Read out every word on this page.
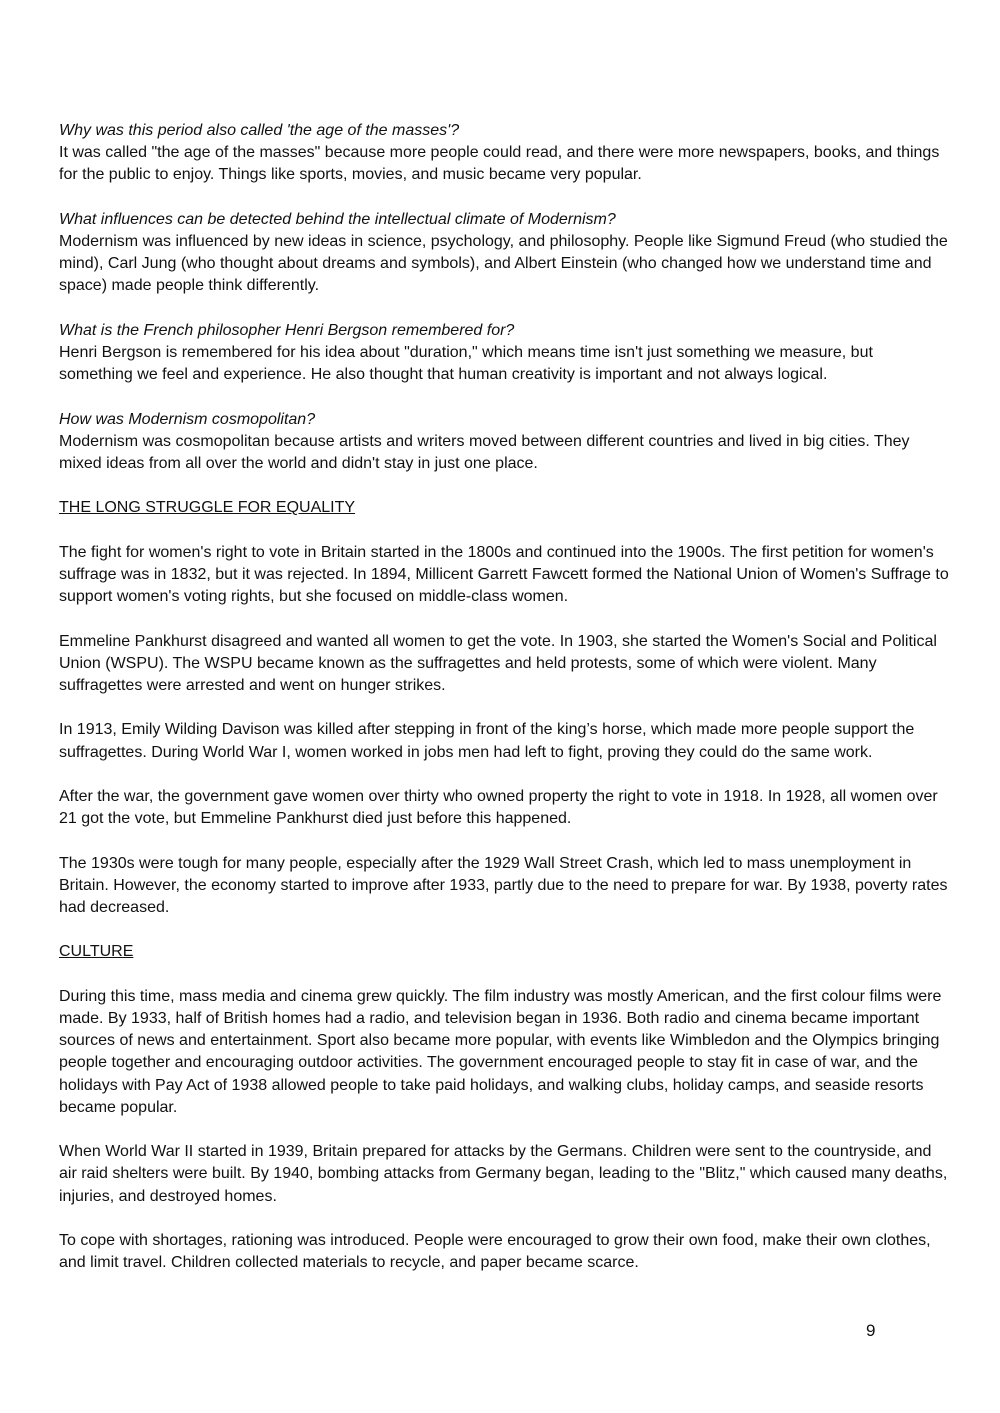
Why was this period also called 'the age of the masses'?
It was called "the age of the masses" because more people could read, and there were more newspapers, books, and things for the public to enjoy. Things like sports, movies, and music became very popular.
What influences can be detected behind the intellectual climate of Modernism?
Modernism was influenced by new ideas in science, psychology, and philosophy. People like Sigmund Freud (who studied the mind), Carl Jung (who thought about dreams and symbols), and Albert Einstein (who changed how we understand time and space) made people think differently.
What is the French philosopher Henri Bergson remembered for?
Henri Bergson is remembered for his idea about "duration," which means time isn't just something we measure, but something we feel and experience. He also thought that human creativity is important and not always logical.
How was Modernism cosmopolitan?
Modernism was cosmopolitan because artists and writers moved between different countries and lived in big cities. They mixed ideas from all over the world and didn't stay in just one place.
THE LONG STRUGGLE FOR EQUALITY

The fight for women's right to vote in Britain started in the 1800s and continued into the 1900s. The first petition for women's suffrage was in 1832, but it was rejected. In 1894, Millicent Garrett Fawcett formed the National Union of Women's Suffrage to support women's voting rights, but she focused on middle-class women.

Emmeline Pankhurst disagreed and wanted all women to get the vote. In 1903, she started the Women's Social and Political Union (WSPU). The WSPU became known as the suffragettes and held protests, some of which were violent. Many suffragettes were arrested and went on hunger strikes.

In 1913, Emily Wilding Davison was killed after stepping in front of the king’s horse, which made more people support the suffragettes. During World War I, women worked in jobs men had left to fight, proving they could do the same work.

After the war, the government gave women over thirty who owned property the right to vote in 1918. In 1928, all women over 21 got the vote, but Emmeline Pankhurst died just before this happened.

The 1930s were tough for many people, especially after the 1929 Wall Street Crash, which led to mass unemployment in Britain. However, the economy started to improve after 1933, partly due to the need to prepare for war. By 1938, poverty rates had decreased.

CULTURE

During this time, mass media and cinema grew quickly. The film industry was mostly American, and the first colour films were made. By 1933, half of British homes had a radio, and television began in 1936. Both radio and cinema became important sources of news and entertainment. Sport also became more popular, with events like Wimbledon and the Olympics bringing people together and encouraging outdoor activities. The government encouraged people to stay fit in case of war, and the holidays with Pay Act of 1938 allowed people to take paid holidays, and walking clubs, holiday camps, and seaside resorts became popular.

When World War II started in 1939, Britain prepared for attacks by the Germans. Children were sent to the countryside, and air raid shelters were built. By 1940, bombing attacks from Germany began, leading to the "Blitz," which caused many deaths, injuries, and destroyed homes.

To cope with shortages, rationing was introduced. People were encouraged to grow their own food, make their own clothes, and limit travel. Children collected materials to recycle, and paper became scarce.

9
